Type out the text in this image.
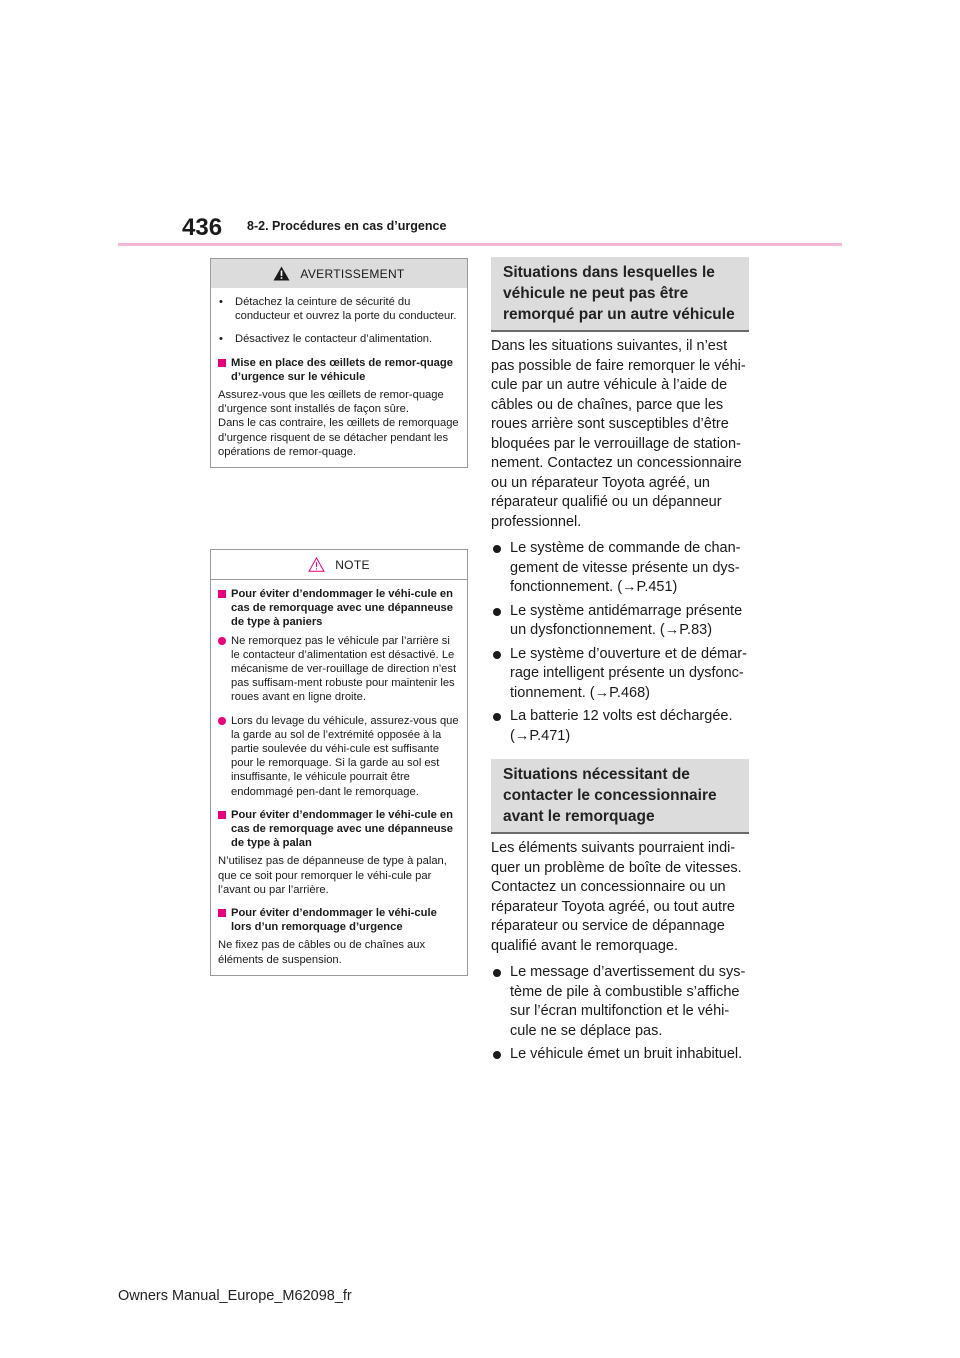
436 8-2. Procédures en cas d’urgence
AVERTISSEMENT
•	Détachez la ceinture de sécurité du conducteur et ouvrez la porte du conducteur.
•	Désactivez le contacteur d’alimentation.
Mise en place des œillets de remor-quage d’urgence sur le véhicule
Assurez-vous que les œillets de remor-quage d’urgence sont installés de façon sûre.
Dans le cas contraire, les œillets de remorquage d’urgence risquent de se détacher pendant les opérations de remor-quage.
NOTE
Pour éviter d’endommager le véhi-cule en cas de remorquage avec une dépanneuse de type à paniers
Ne remorquez pas le véhicule par l’arrière si le contacteur d’alimentation est désactivé. Le mécanisme de ver-rouillage de direction n’est pas suffisam-ment robuste pour maintenir les roues avant en ligne droite.
Lors du levage du véhicule, assurez-vous que la garde au sol de l’extrémité opposée à la partie soulevée du véhi-cule est suffisante pour le remorquage. Si la garde au sol est insuffisante, le véhicule pourrait être endommagé pen-dant le remorquage.
Pour éviter d’endommager le véhi-cule en cas de remorquage avec une dépanneuse de type à palan
N’utilisez pas de dépanneuse de type à palan, que ce soit pour remorquer le véhi-cule par l’avant ou par l’arrière.
Pour éviter d’endommager le véhi-cule lors d’un remorquage d’urgence
Ne fixez pas de câbles ou de chaînes aux éléments de suspension.
Situations dans lesquelles le véhicule ne peut pas être remorqué par un autre véhicule
Dans les situations suivantes, il n’est pas possible de faire remorquer le véhi-cule par un autre véhicule à l’aide de câbles ou de chaînes, parce que les roues arrière sont susceptibles d’être bloquées par le verrouillage de station-nement. Contactez un concessionnaire ou un réparateur Toyota agréé, un réparateur qualifié ou un dépanneur professionnel.
Le système de commande de chan-gement de vitesse présente un dys-fonctionnement. (→P.451)
Le système antidémarrage présente un dysfonctionnement. (→P.83)
Le système d’ouverture et de démar-rage intelligent présente un dysfonc-tionnement. (→P.468)
La batterie 12 volts est déchargée. (→P.471)
Situations nécessitant de contacter le concessionnaire avant le remorquage
Les éléments suivants pourraient indi-quer un problème de boîte de vitesses. Contactez un concessionnaire ou un réparateur Toyota agréé, ou tout autre réparateur ou service de dépannage qualifié avant le remorquage.
Le message d’avertissement du sys-tème de pile à combustible s’affiche sur l’écran multifonction et le véhi-cule ne se déplace pas.
Le véhicule émet un bruit inhabituel.
Owners Manual_Europe_M62098_fr
